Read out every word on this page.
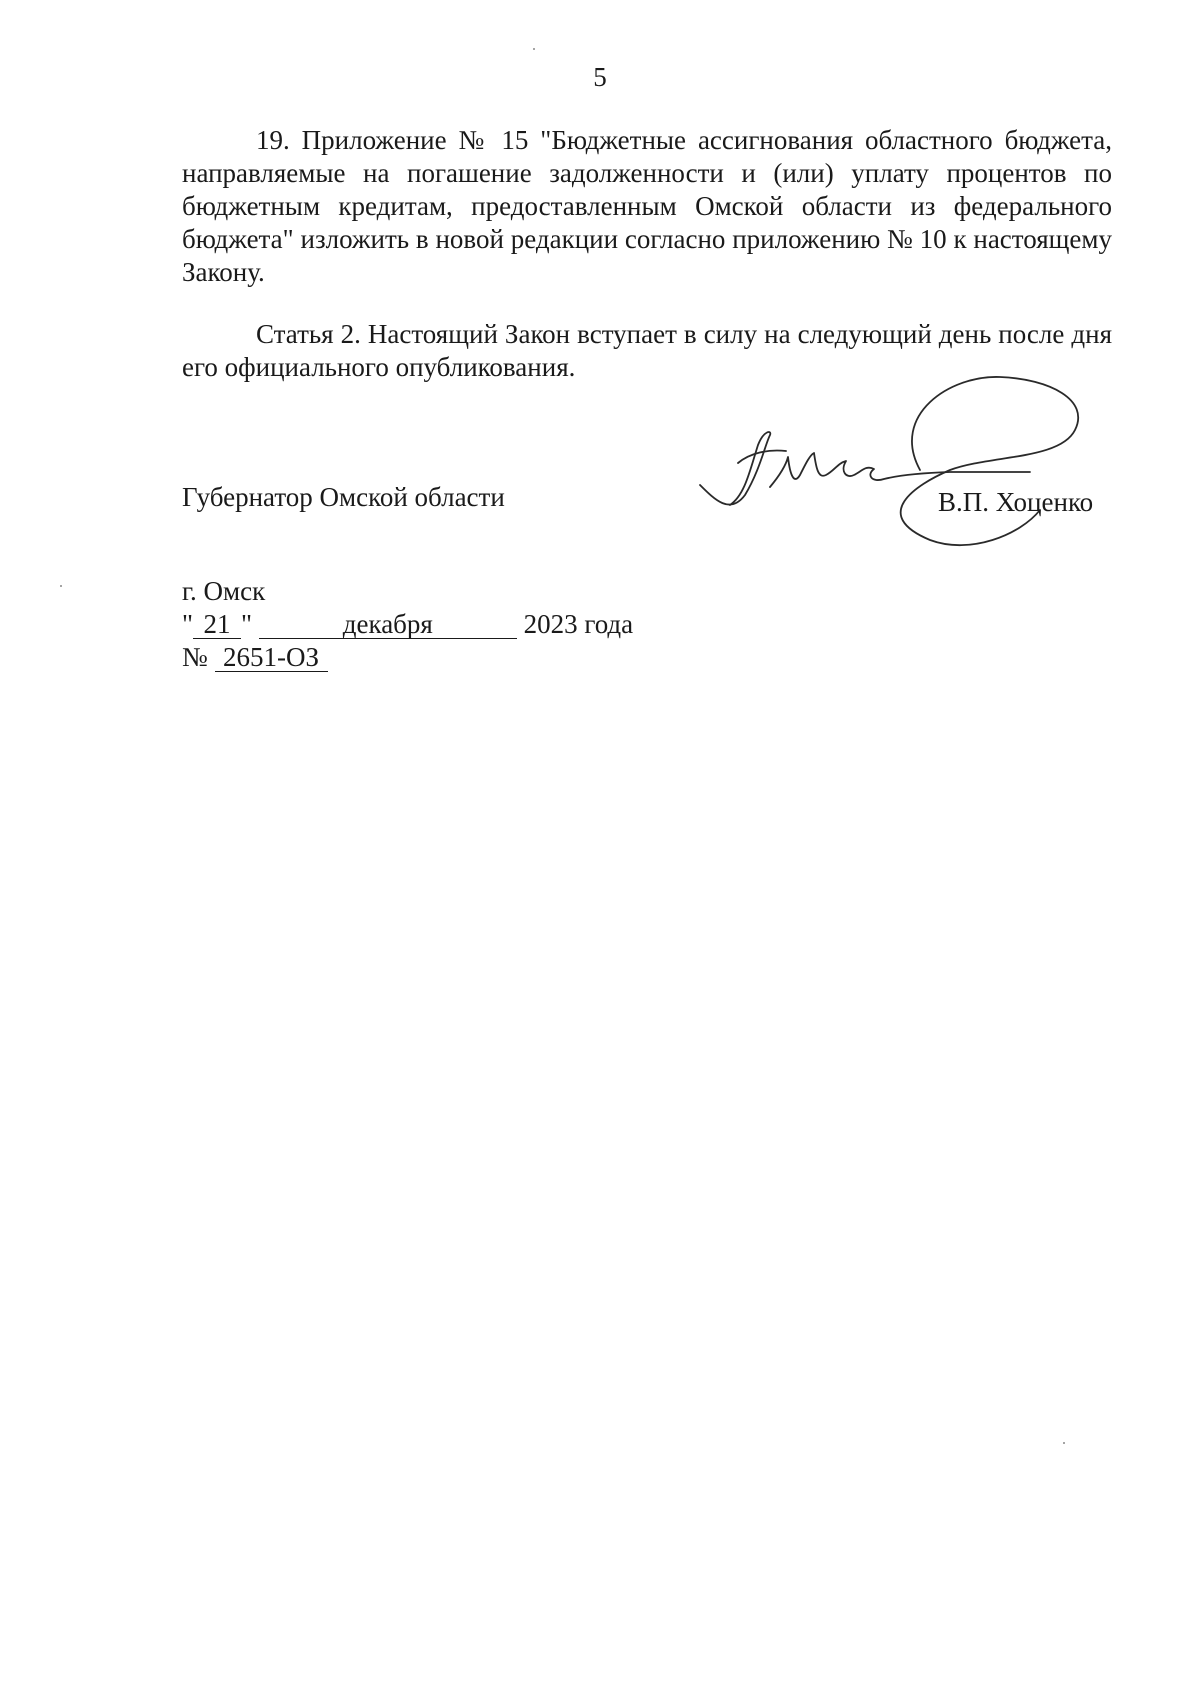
5
19. Приложение № 15 "Бюджетные ассигнования областного бюджета, направляемые на погашение задолженности и (или) уплату процентов по бюджетным кредитам, предоставленным Омской области из федерального бюджета" изложить в новой редакции согласно приложению № 10 к настоящему Закону.
Статья 2. Настоящий Закон вступает в силу на следующий день после дня его официального опубликования.
Губернатор Омской области	В.П. Хоценко
г. Омск
" 21 "	декабря	2023 года
№ 2651-ОЗ
